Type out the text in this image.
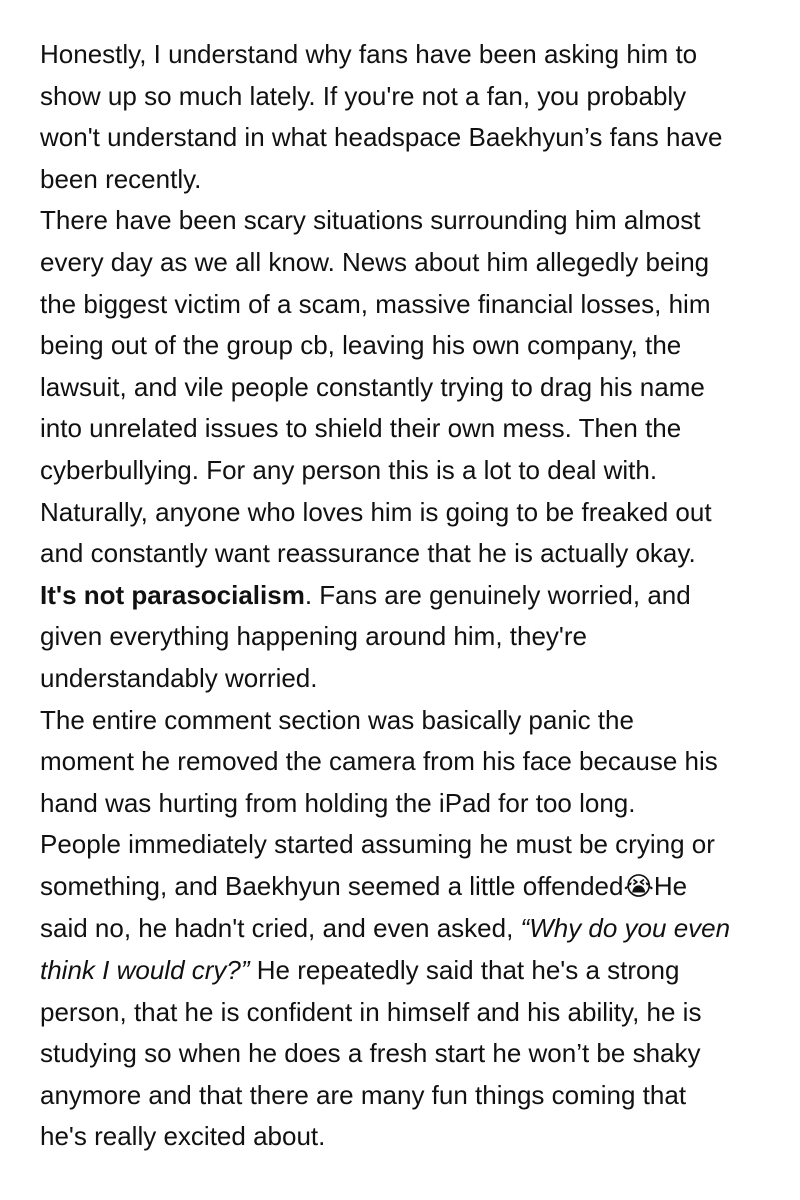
Honestly, I understand why fans have been asking him to
show up so much lately. If you're not a fan, you probably
won't understand in what headspace Baekhyun’s fans have
been recently.
There have been scary situations surrounding him almost
every day as we all know. News about him allegedly being
the biggest victim of a scam, massive financial losses, him
being out of the group cb, leaving his own company, the
lawsuit, and vile people constantly trying to drag his name
into unrelated issues to shield their own mess. Then the
cyberbullying. For any person this is a lot to deal with.
Naturally, anyone who loves him is going to be freaked out
and constantly want reassurance that he is actually okay.
It's not parasocialism. Fans are genuinely worried, and
given everything happening around him, they're
understandably worried.
The entire comment section was basically panic the
moment he removed the camera from his face because his
hand was hurting from holding the iPad for too long.
People immediately started assuming he must be crying or
something, and Baekhyun seemed a little offended😭He
said no, he hadn't cried, and even asked, “Why do you even
think I would cry?” He repeatedly said that he's a strong
person, that he is confident in himself and his ability, he is
studying so when he does a fresh start he won’t be shaky
anymore and that there are many fun things coming that
he's really excited about.
